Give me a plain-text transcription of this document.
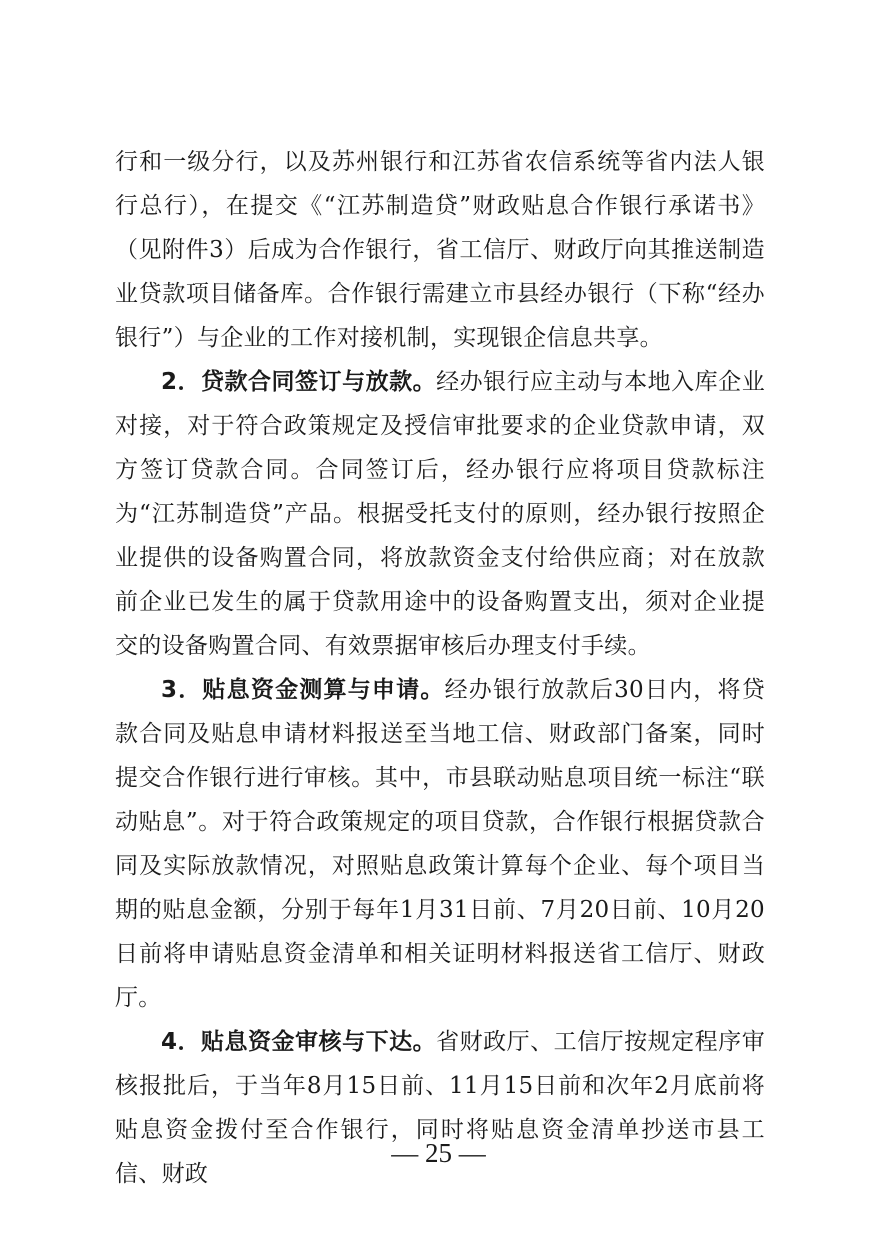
行和一级分行，以及苏州银行和江苏省农信系统等省内法人银行总行），在提交《“江苏制造贷”财政贴息合作银行承诺书》（见附件3）后成为合作银行，省工信厅、财政厅向其推送制造业贷款项目储备库。合作银行需建立市县经办银行（下称“经办银行”）与企业的工作对接机制，实现银企信息共享。

2．贷款合同签订与放款。经办银行应主动与本地入库企业对接，对于符合政策规定及授信审批要求的企业贷款申请，双方签订贷款合同。合同签订后，经办银行应将项目贷款标注为“江苏制造贷”产品。根据受托支付的原则，经办银行按照企业提供的设备购置合同，将放款资金支付给供应商；对在放款前企业已发生的属于贷款用途中的设备购置支出，须对企业提交的设备购置合同、有效票据审核后办理支付手续。

3．贴息资金测算与申请。经办银行放款后30日内，将贷款合同及贴息申请材料报送至当地工信、财政部门备案，同时提交合作银行进行审核。其中，市县联动贴息项目统一标注“联动贴息”。对于符合政策规定的项目贷款，合作银行根据贷款合同及实际放款情况，对照贴息政策计算每个企业、每个项目当期的贴息金额，分别于每年1月31日前、7月20日前、10月20日前将申请贴息资金清单和相关证明材料报送省工信厅、财政厅。

4．贴息资金审核与下达。省财政厅、工信厅按规定程序审核报批后，于当年8月15日前、11月15日前和次年2月底前将贴息资金拨付至合作银行，同时将贴息资金清单抄送市县工信、财政

— 25 —
